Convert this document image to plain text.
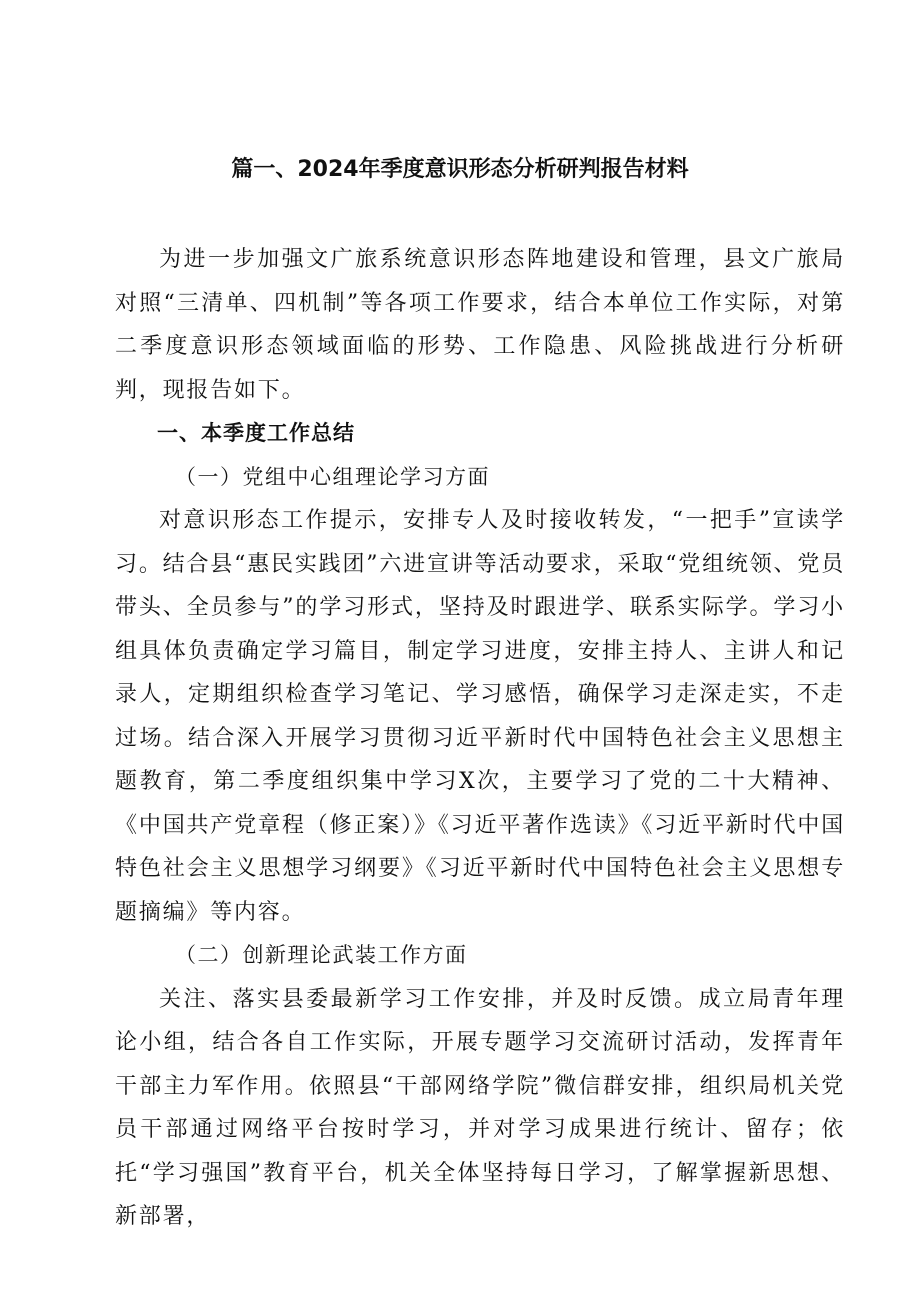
篇一、2024年季度意识形态分析研判报告材料

为进一步加强文广旅系统意识形态阵地建设和管理，县文广旅局对照“三清单、四机制”等各项工作要求，结合本单位工作实际，对第二季度意识形态领域面临的形势、工作隐患、风险挑战进行分析研判，现报告如下。

一、本季度工作总结
（一）党组中心组理论学习方面

对意识形态工作提示，安排专人及时接收转发，“一把手”宣读学习。结合县“惠民实践团”六进宣讲等活动要求，采取“党组统领、党员带头、全员参与”的学习形式，坚持及时跟进学、联系实际学。学习小组具体负责确定学习篇目，制定学习进度，安排主持人、主讲人和记录人，定期组织检查学习笔记、学习感悟，确保学习走深走实，不走过场。结合深入开展学习贯彻习近平新时代中国特色社会主义思想主题教育，第二季度组织集中学习X次，主要学习了党的二十大精神、《中国共产党章程（修正案）》《习近平著作选读》《习近平新时代中国特色社会主义思想学习纲要》《习近平新时代中国特色社会主义思想专题摘编》等内容。

（二）创新理论武装工作方面

关注、落实县委最新学习工作安排，并及时反馈。成立局青年理论小组，结合各自工作实际，开展专题学习交流研讨活动，发挥青年干部主力军作用。依照县“干部网络学院”微信群安排，组织局机关党员干部通过网络平台按时学习，并对学习成果进行统计、留存；依托“学习强国”教育平台，机关全体坚持每日学习，了解掌握新思想、新部署，
